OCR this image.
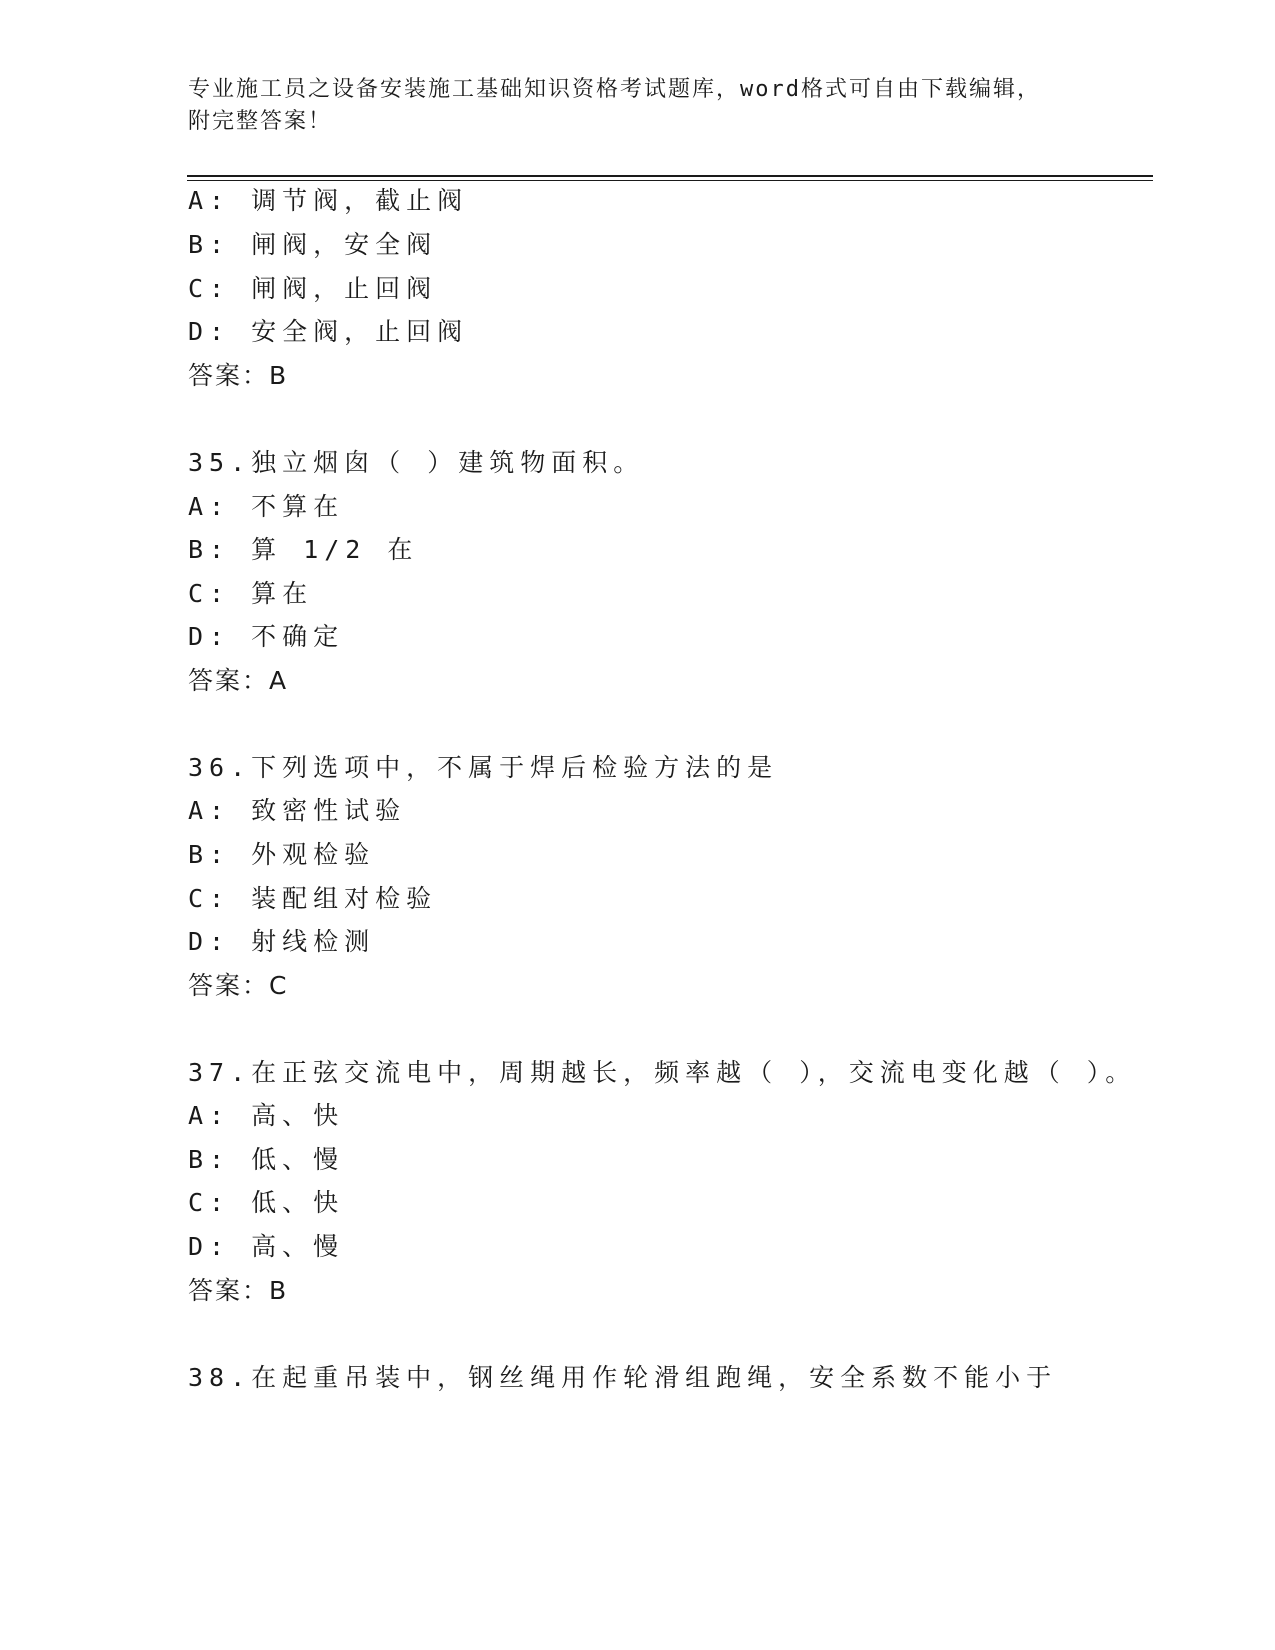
专业施工员之设备安装施工基础知识资格考试题库，word格式可自由下载编辑，
附完整答案！
A: 调节阀，截止阀
B: 闸阀，安全阀
C: 闸阀，止回阀
D: 安全阀，止回阀
答案：B
35.独立烟囱（ ）建筑物面积。
A: 不算在
B: 算 1/2 在
C: 算在
D: 不确定
答案：A
36.下列选项中，不属于焊后检验方法的是
A: 致密性试验
B: 外观检验
C: 装配组对检验
D: 射线检测
答案：C
37.在正弦交流电中，周期越长，频率越（ ），交流电变化越（ ）。
A: 高、快
B: 低、慢
C: 低、快
D: 高、慢
答案：B
38.在起重吊装中，钢丝绳用作轮滑组跑绳，安全系数不能小于
